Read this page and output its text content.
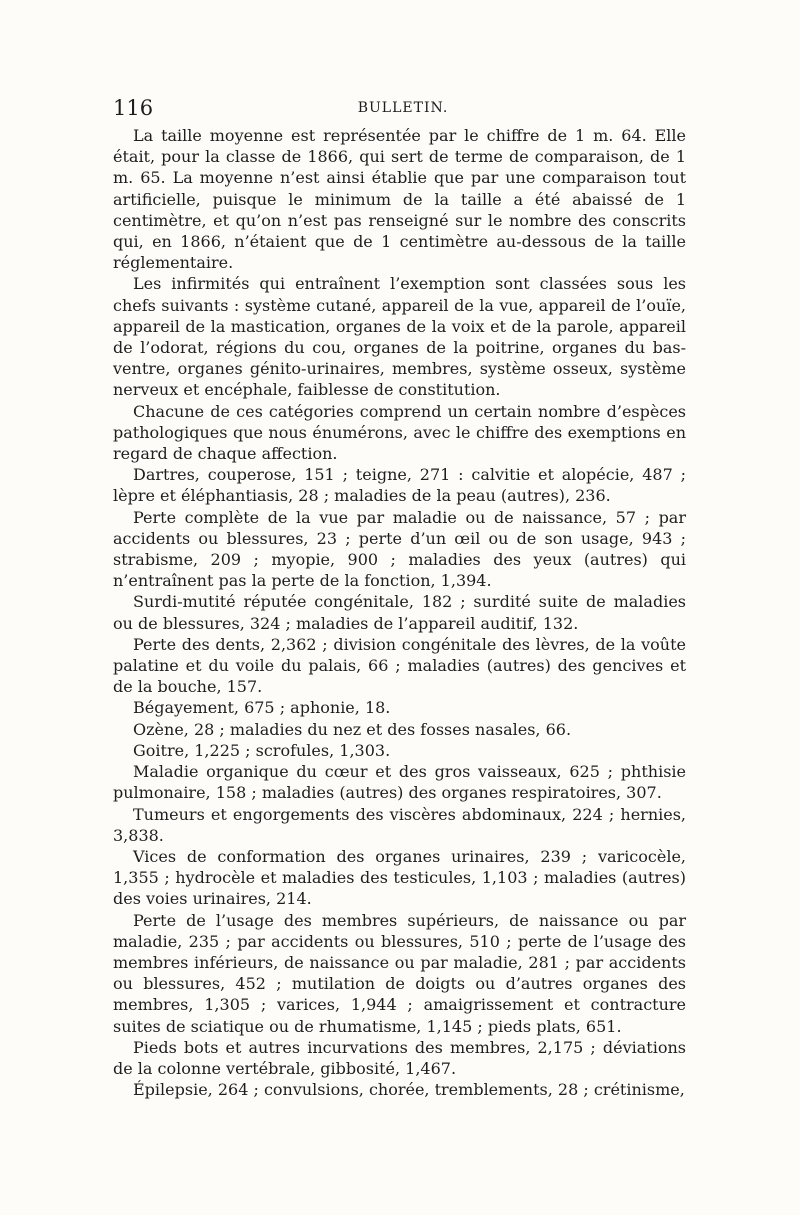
116	BULLETIN.

La taille moyenne est représentée par le chiffre de 1 m. 64. Elle était, pour la classe de 1866, qui sert de terme de comparaison, de 1 m. 65. La moyenne n’est ainsi établie que par une comparaison tout artificielle, puisque le minimum de la taille a été abaissé de 1 centimètre, et qu’on n’est pas renseigné sur le nombre des conscrits qui, en 1866, n’étaient que de 1 centimètre au-dessous de la taille réglementaire.

Les infirmités qui entraînent l’exemption sont classées sous les chefs suivants : système cutané, appareil de la vue, appareil de l’ouïe, appareil de la mastication, organes de la voix et de la parole, appareil de l’odorat, régions du cou, organes de la poitrine, organes du bas-ventre, organes génito-urinaires, membres, système osseux, système nerveux et encéphale, faiblesse de constitution.

Chacune de ces catégories comprend un certain nombre d’espèces pathologiques que nous énumérons, avec le chiffre des exemptions en regard de chaque affection.

Dartres, couperose, 151 ; teigne, 271 : calvitie et alopécie, 487 ; lèpre et éléphantiasis, 28 ; maladies de la peau (autres), 236.

Perte complète de la vue par maladie ou de naissance, 57 ; par accidents ou blessures, 23 ; perte d’un œil ou de son usage, 943 ; strabisme, 209 ; myopie, 900 ; maladies des yeux (autres) qui n’entraînent pas la perte de la fonction, 1,394.

Surdi-mutité réputée congénitale, 182 ; surdité suite de maladies ou de blessures, 324 ; maladies de l’appareil auditif, 132.

Perte des dents, 2,362 ; division congénitale des lèvres, de la voûte palatine et du voile du palais, 66 ; maladies (autres) des gencives et de la bouche, 157.

Bégayement, 675 ; aphonie, 18.

Ozène, 28 ; maladies du nez et des fosses nasales, 66.

Goitre, 1,225 ; scrofules, 1,303.

Maladie organique du cœur et des gros vaisseaux, 625 ; phthisie pulmonaire, 158 ; maladies (autres) des organes respiratoires, 307.

Tumeurs et engorgements des viscères abdominaux, 224 ; hernies, 3,838.

Vices de conformation des organes urinaires, 239 ; varicocèle, 1,355 ; hydrocèle et maladies des testicules, 1,103 ; maladies (autres) des voies urinaires, 214.

Perte de l’usage des membres supérieurs, de naissance ou par maladie, 235 ; par accidents ou blessures, 510 ; perte de l’usage des membres inférieurs, de naissance ou par maladie, 281 ; par accidents ou blessures, 452 ; mutilation de doigts ou d’autres organes des membres, 1,305 ; varices, 1,944 ; amaigrissement et contracture suites de sciatique ou de rhumatisme, 1,145 ; pieds plats, 651.

Pieds bots et autres incurvations des membres, 2,175 ; déviations de la colonne vertébrale, gibbosité, 1,467.

Épilepsie, 264 ; convulsions, chorée, tremblements, 28 ; crétinisme,
